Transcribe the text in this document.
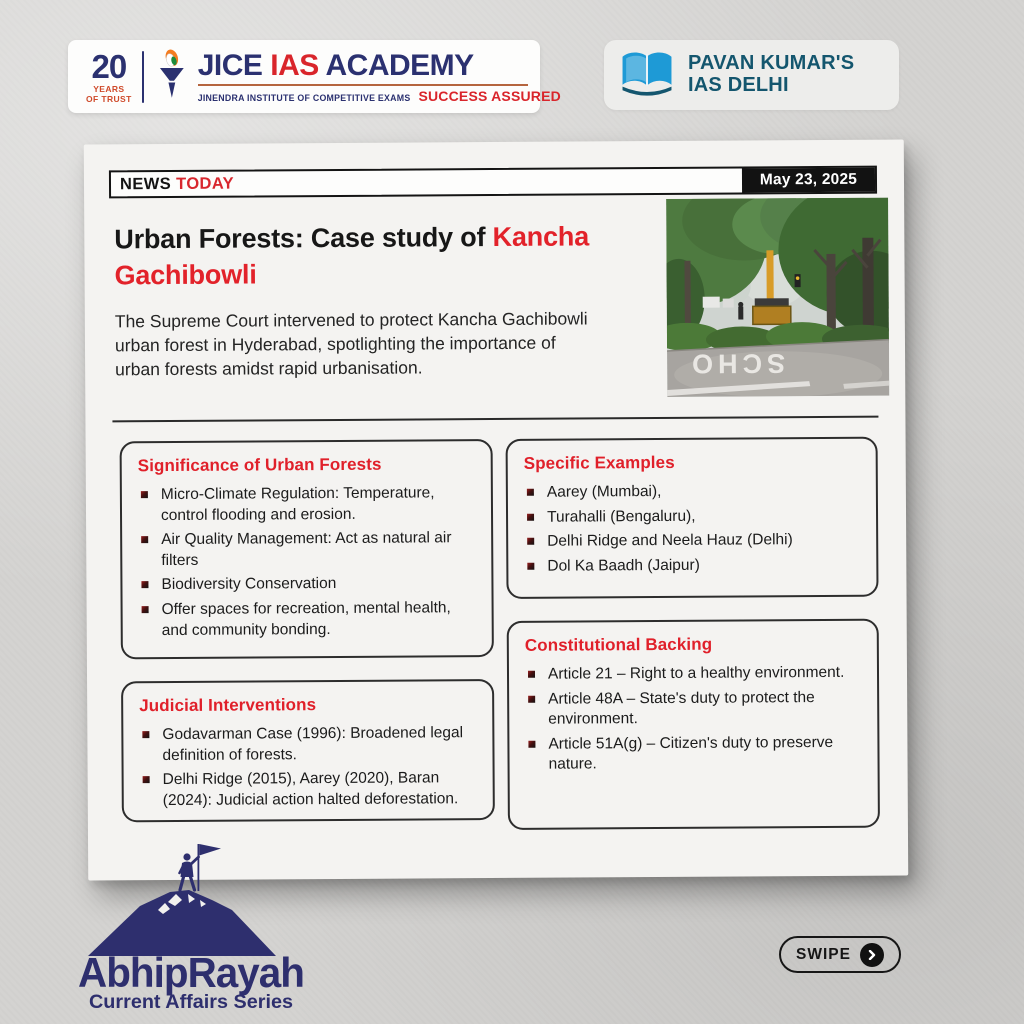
20
YEARS
OF TRUST
JICE IAS ACADEMY
JINENDRA INSTITUTE OF COMPETITIVE EXAMS SUCCESS ASSURED
PAVAN KUMAR'S
IAS DELHI
NEWS TODAY	May 23, 2025
Urban Forests: Case study of Kancha Gachibowli

The Supreme Court intervened to protect Kancha Gachibowli urban forest in Hyderabad, spotlighting the importance of urban forests amidst rapid urbanisation.	SCHO
Significance of Urban Forests
Micro-Climate Regulation: Temperature, control flooding and erosion.
Air Quality Management: Act as natural air filters
Biodiversity Conservation
Offer spaces for recreation, mental health, and community bonding.
Specific Examples
Aarey (Mumbai),
Turahalli (Bengaluru),
Delhi Ridge and Neela Hauz (Delhi)
Dol Ka Baadh (Jaipur)
Judicial Interventions
Godavarman Case (1996): Broadened legal definition of forests.
Delhi Ridge (2015), Aarey (2020), Baran (2024): Judicial action halted deforestation.
Constitutional Backing
Article 21 – Right to a healthy environment.
Article 48A – State's duty to protect the environment.
Article 51A(g) – Citizen's duty to preserve nature.
AbhipRayah
Current Affairs Series
SWIPE
